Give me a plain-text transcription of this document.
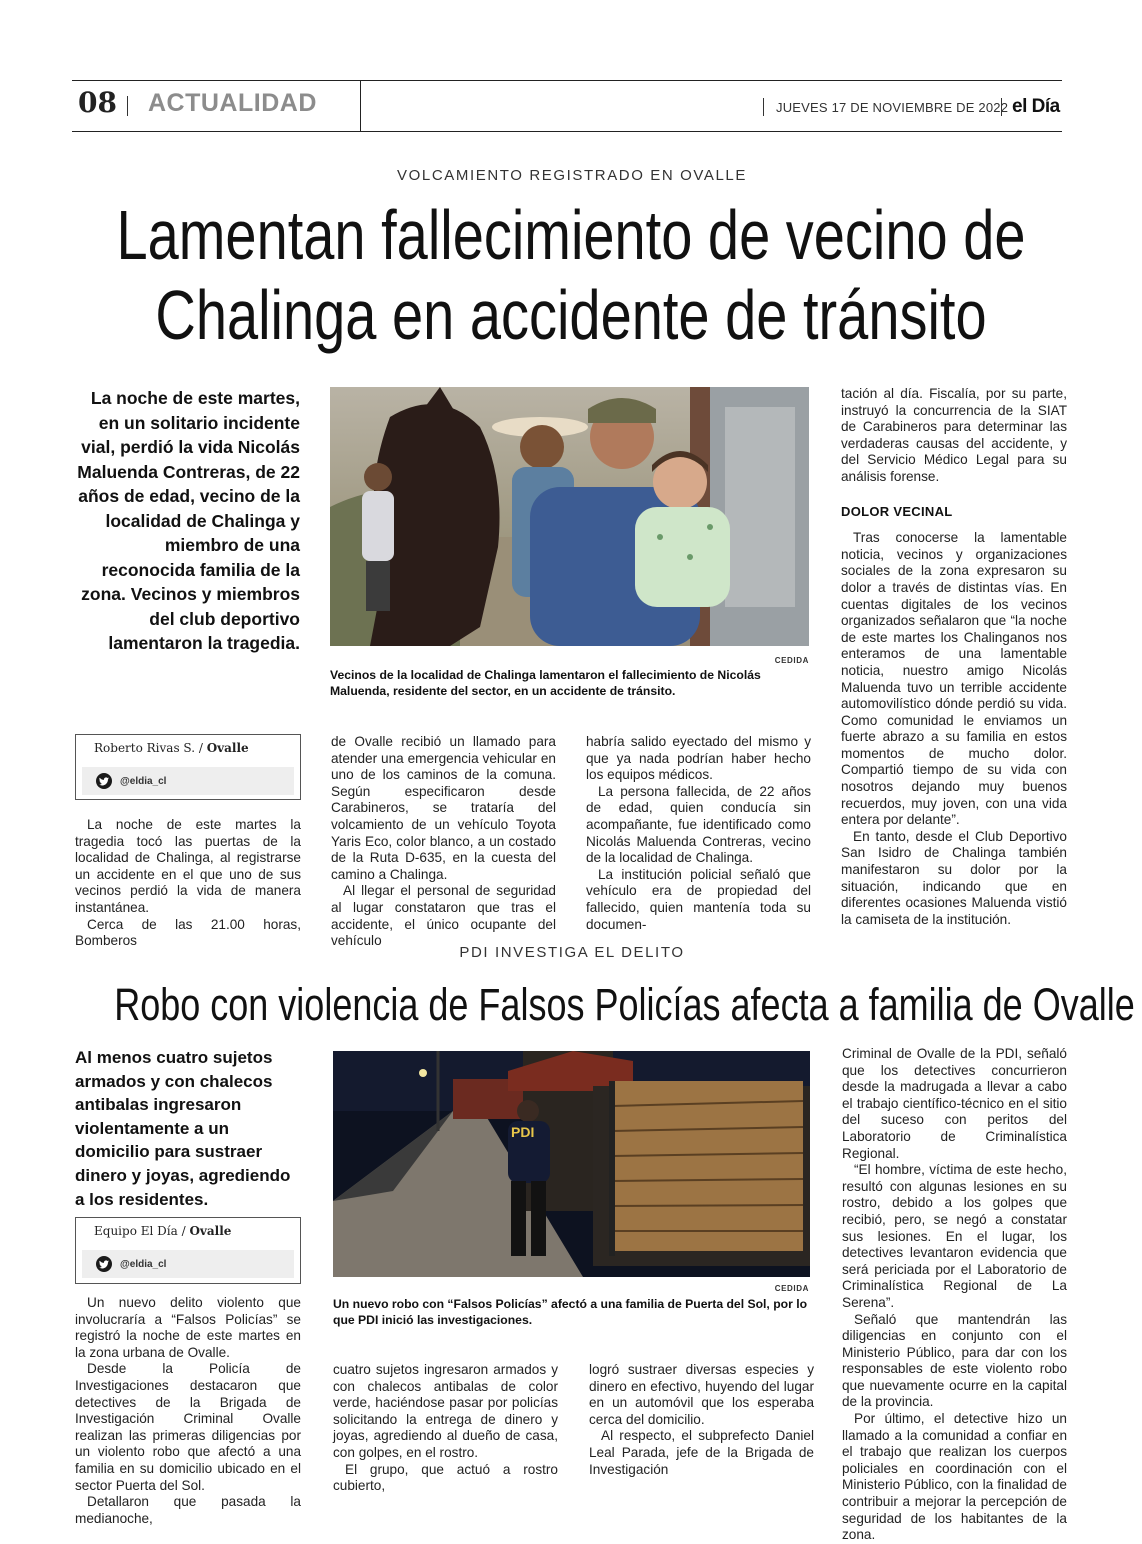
08 ACTUALIDAD	JUEVES 17 DE NOVIEMBRE DE 2022 el Día
VOLCAMIENTO REGISTRADO EN OVALLE
Lamentan fallecimiento de vecino de
Chalinga en accidente de tránsito
La noche de este martes, en un solitario incidente vial, perdió la vida Nicolás Maluenda Contreras, de 22 años de edad, vecino de la localidad de Chalinga y miembro de una reconocida familia de la zona. Vecinos y miembros del club deportivo lamentaron la tragedia.
CEDIDA
Vecinos de la localidad de Chalinga lamentaron el fallecimiento de Nicolás Maluenda, residente del sector, en un accidente de tránsito.
Roberto Rivas S. / Ovalle
@eldia_cl

La noche de este martes la tragedia tocó las puertas de la localidad de Chalinga, al registrarse un accidente en el que uno de sus vecinos perdió la vida de manera instantánea.

Cerca de las 21.00 horas, Bomberos

de Ovalle recibió un llamado para atender una emergencia vehicular en uno de los caminos de la comuna. Según especificaron desde Carabineros, se trataría del volcamiento de un vehículo Toyota Yaris Eco, color blanco, a un costado de la Ruta D-635, en la cuesta del camino a Chalinga.

Al llegar el personal de seguridad al lugar constataron que tras el accidente, el único ocupante del vehículo

habría salido eyectado del mismo y que ya nada podrían haber hecho los equipos médicos.

La persona fallecida, de 22 años de edad, quien conducía sin acompañante, fue identificado como Nicolás Maluenda Contreras, vecino de la localidad de Chalinga.

La institución policial señaló que vehículo era de propiedad del fallecido, quien mantenía toda su documen-

tación al día. Fiscalía, por su parte, instruyó la concurrencia de la SIAT de Carabineros para determinar las verdaderas causas del accidente, y del Servicio Médico Legal para su análisis forense.

DOLOR VECINAL

Tras conocerse la lamentable noticia, vecinos y organizaciones sociales de la zona expresaron su dolor a través de distintas vías. En cuentas digitales de los vecinos organizados señalaron que “la noche de este martes los Chalinganos nos enteramos de una lamentable noticia, nuestro amigo Nicolás Maluenda tuvo un terrible accidente automovilístico dónde perdió su vida. Como comunidad le enviamos un fuerte abrazo a su familia en estos momentos de mucho dolor. Compartió tiempo de su vida con nosotros dejando muy buenos recuerdos, muy joven, con una vida entera por delante”.

En tanto, desde el Club Deportivo San Isidro de Chalinga también manifestaron su dolor por la situación, indicando que en diferentes ocasiones Maluenda vistió la camiseta de la institución.

PDI INVESTIGA EL DELITO
Robo con violencia de Falsos Policías afecta a familia de Ovalle
Al menos cuatro sujetos armados y con chalecos antibalas ingresaron violentamente a un domicilio para sustraer dinero y joyas, agrediendo a los residentes.
PDI
CEDIDA
Un nuevo robo con “Falsos Policías” afectó a una familia de Puerta del Sol, por lo que PDI inició las investigaciones.
Equipo El Día / Ovalle
@eldia_cl

Un nuevo delito violento que involucraría a “Falsos Policías” se registró la noche de este martes en la zona urbana de Ovalle.

Desde la Policía de Investigaciones destacaron que detectives de la Brigada de Investigación Criminal Ovalle realizan las primeras diligencias por un violento robo que afectó a una familia en su domicilio ubicado en el sector Puerta del Sol.

Detallaron que pasada la medianoche,

cuatro sujetos ingresaron armados y con chalecos antibalas de color verde, haciéndose pasar por policías solicitando la entrega de dinero y joyas, agrediendo al dueño de casa, con golpes, en el rostro.

El grupo, que actuó a rostro cubierto,

logró sustraer diversas especies y dinero en efectivo, huyendo del lugar en un automóvil que los esperaba cerca del domicilio.

Al respecto, el subprefecto Daniel Leal Parada, jefe de la Brigada de Investigación

Criminal de Ovalle de la PDI, señaló que los detectives concurrieron desde la madrugada a llevar a cabo el trabajo científico-técnico en el sitio del suceso con peritos del Laboratorio de Criminalística Regional.

“El hombre, víctima de este hecho, resultó con algunas lesiones en su rostro, debido a los golpes que recibió, pero, se negó a constatar sus lesiones. En el lugar, los detectives levantaron evidencia que será periciada por el Laboratorio de Criminalística Regional de La Serena”.

Señaló que mantendrán las diligencias en conjunto con el Ministerio Público, para dar con los responsables de este violento robo que nuevamente ocurre en la capital de la provincia.

Por último, el detective hizo un llamado a la comunidad a confiar en el trabajo que realizan los cuerpos policiales en coordinación con el Ministerio Público, con la finalidad de contribuir a mejorar la percepción de seguridad de los habitantes de la zona.
